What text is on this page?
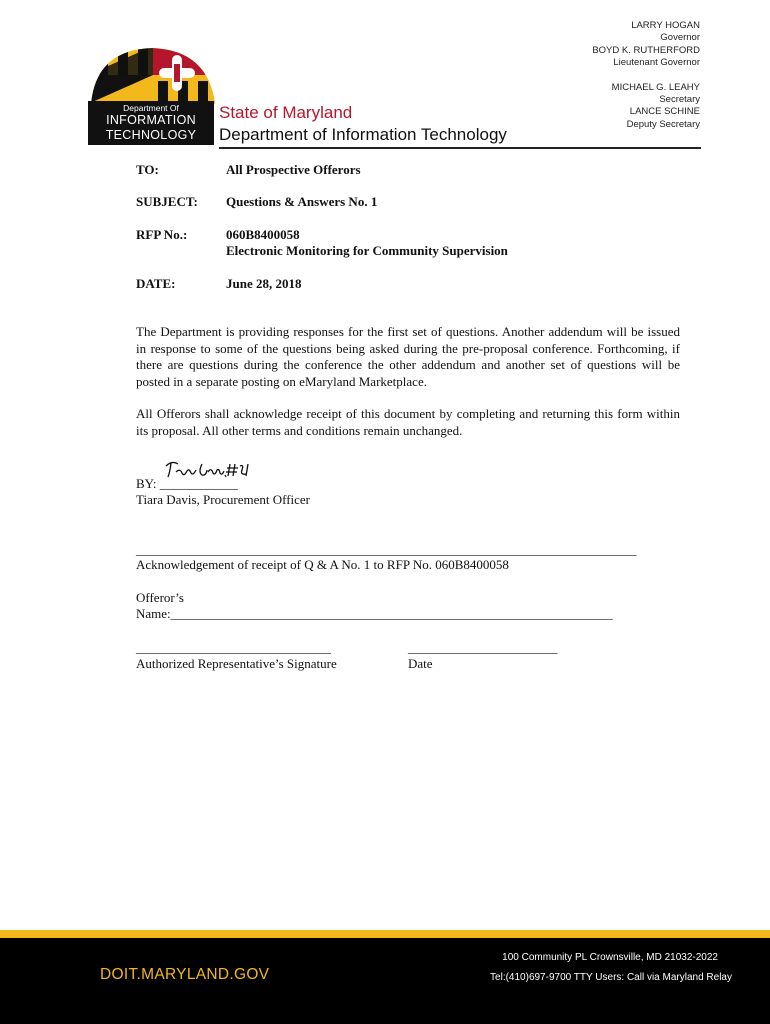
LARRY HOGAN
Governor
BOYD K. RUTHERFORD
Lieutenant Governor
MICHAEL G. LEAHY
Secretary
LANCE SCHINE
Deputy Secretary
Department Of
INFORMATION
TECHNOLOGY
State of Maryland
Department of Information Technology
TO:	All Prospective Offerors
SUBJECT:	Questions & Answers No. 1
RFP No.:	060B8400058
Electronic Monitoring for Community Supervision
DATE:	June 28, 2018
The Department is providing responses for the first set of questions. Another addendum will be issued in response to some of the questions being asked during the pre-proposal conference. Forthcoming, if there are questions during the conference the other addendum and another set of questions will be posted in a separate posting on eMaryland Marketplace.
All Offerors shall acknowledge receipt of this document by completing and returning this form within its proposal. All other terms and conditions remain unchanged.
BY: ____________
Tiara Davis, Procurement Officer
_____________________________________________________________________________
Acknowledgement of receipt of Q & A No. 1 to RFP No. 060B8400058
Offeror’s
Name:____________________________________________________________________
______________________________
Authorized Representative’s Signature
_______________________
Date
DOIT.MARYLAND.GOV
100 Community PL Crownsville, MD 21032-2022
Tel:(410)697-9700 TTY Users: Call via Maryland Relay
